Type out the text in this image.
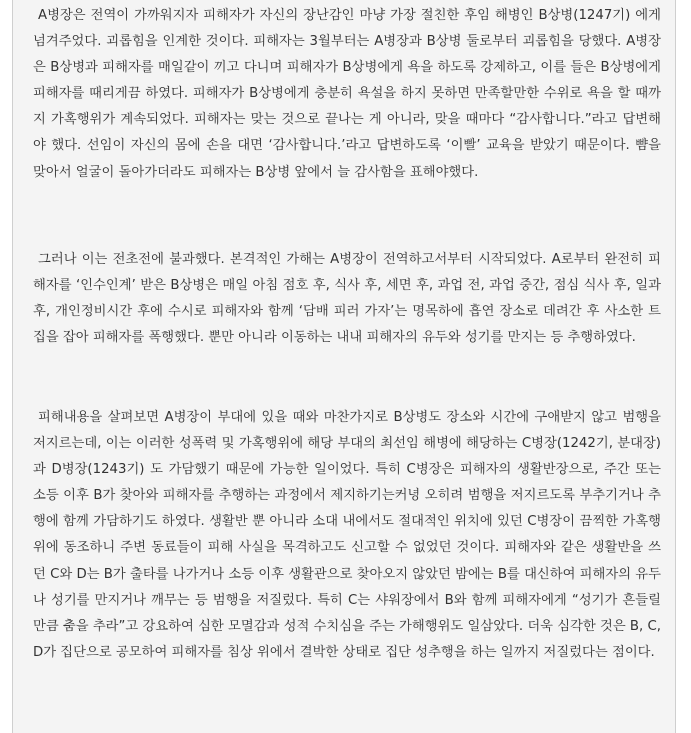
A병장은 전역이 가까워지자 피해자가 자신의 장난감인 마냥 가장 절친한 후임 해병인 B상병(1247기) 에게 넘겨주었다. 괴롭힘을 인계한 것이다. 피해자는 3월부터는 A병장과 B상병 둘로부터 괴롭힘을 당했다. A병장은 B상병과 피해자를 매일같이 끼고 다니며 피해자가 B상병에게 욕을 하도록 강제하고, 이를 들은 B상병에게 피해자를 때리게끔 하였다. 피해자가 B상병에게 충분히 욕설을 하지 못하면 만족할만한 수위로 욕을 할 때까지 가혹행위가 계속되었다. 피해자는 맞는 것으로 끝나는 게 아니라, 맞을 때마다 “감사합니다.”라고 답변해야 했다. 선임이 자신의 몸에 손을 대면 ‘감사합니다.’라고 답변하도록 ‘이빨’ 교육을 받았기 때문이다. 뺨을 맞아서 얼굴이 돌아가더라도 피해자는 B상병 앞에서 늘 감사함을 표해야했다.

그러나 이는 전초전에 불과했다. 본격적인 가해는 A병장이 전역하고서부터 시작되었다. A로부터 완전히 피해자를 ‘인수인계’ 받은 B상병은 매일 아침 점호 후, 식사 후, 세면 후, 과업 전, 과업 중간, 점심 식사 후, 일과 후, 개인정비시간 후에 수시로 피해자와 함께 ‘담배 피러 가자’는 명목하에 흡연 장소로 데려간 후 사소한 트집을 잡아 피해자를 폭행했다. 뿐만 아니라 이동하는 내내 피해자의 유두와 성기를 만지는 등 추행하였다.

피해내용을 살펴보면 A병장이 부대에 있을 때와 마찬가지로 B상병도 장소와 시간에 구애받지 않고 범행을 저지르는데, 이는 이러한 성폭력 및 가혹행위에 해당 부대의 최선임 해병에 해당하는 C병장(1242기, 분대장) 과 D병장(1243기) 도 가담했기 때문에 가능한 일이었다. 특히 C병장은 피해자의 생활반장으로, 주간 또는 소등 이후 B가 찾아와 피해자를 추행하는 과정에서 제지하기는커녕 오히려 범행을 저지르도록 부추기거나 추행에 함께 가담하기도 하였다. 생활반 뿐 아니라 소대 내에서도 절대적인 위치에 있던 C병장이 끔찍한 가혹행위에 동조하니 주변 동료들이 피해 사실을 목격하고도 신고할 수 없었던 것이다. 피해자와 같은 생활반을 쓰던 C와 D는 B가 출타를 나가거나 소등 이후 생활관으로 찾아오지 않았던 밤에는 B를 대신하여 피해자의 유두나 성기를 만지거나 깨무는 등 범행을 저질렀다. 특히 C는 샤워장에서 B와 함께 피해자에게 “성기가 흔들릴 만큼 춤을 추라”고 강요하여 심한 모멸감과 성적 수치심을 주는 가해행위도 일삼았다. 더욱 심각한 것은 B, C, D가 집단으로 공모하여 피해자를 침상 위에서 결박한 상태로 집단 성추행을 하는 일까지 저질렀다는 점이다.
